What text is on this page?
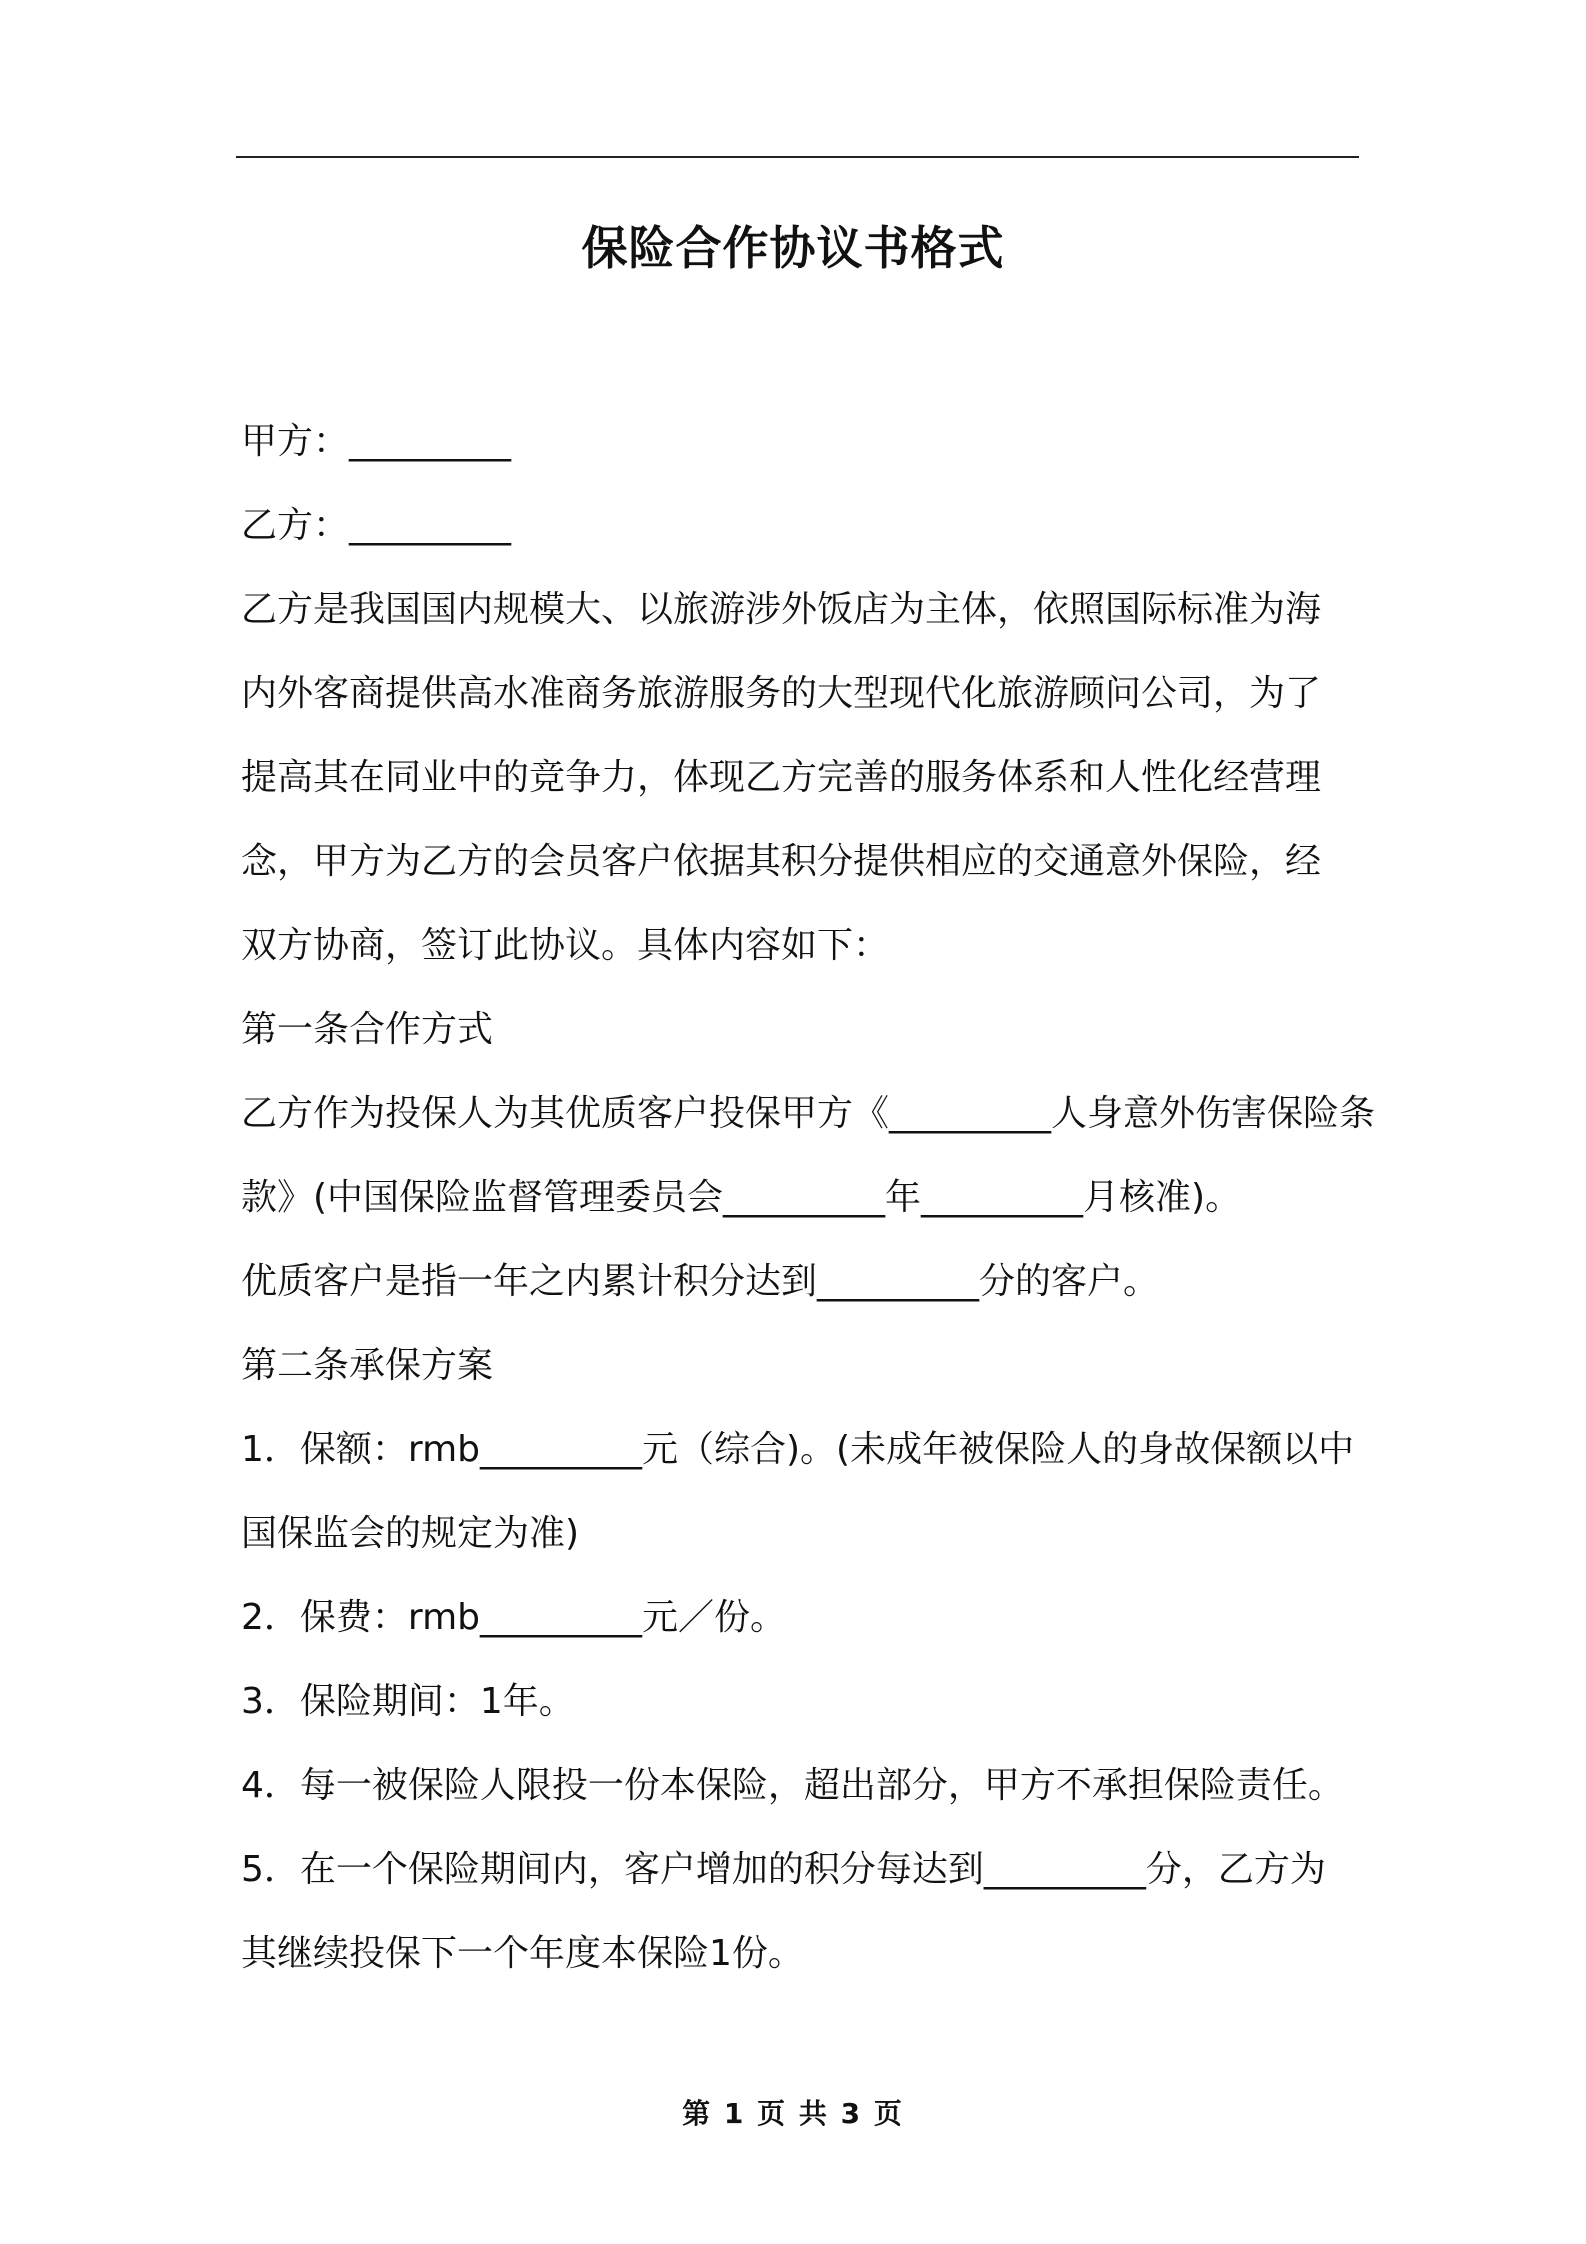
保险合作协议书格式

甲方：_________

乙方：_________

乙方是我国国内规模大、以旅游涉外饭店为主体，依照国际标准为海内外客商提供高水准商务旅游服务的大型现代化旅游顾问公司，为了提高其在同业中的竞争力，体现乙方完善的服务体系和人性化经营理念，甲方为乙方的会员客户依据其积分提供相应的交通意外保险，经双方协商，签订此协议。具体内容如下：

第一条合作方式

乙方作为投保人为其优质客户投保甲方《_________人身意外伤害保险条款》(中国保险监督管理委员会_________年_________月核准)。

优质客户是指一年之内累计积分达到_________分的客户。

第二条承保方案

1．保额：rmb_________元（综合)。(未成年被保险人的身故保额以中国保监会的规定为准)

2．保费：rmb_________元／份。

3．保险期间：1年。

4．每一被保险人限投一份本保险，超出部分，甲方不承担保险责任。

5．在一个保险期间内，客户增加的积分每达到_________分，乙方为其继续投保下一个年度本保险1份。

第 1 页 共 3 页
